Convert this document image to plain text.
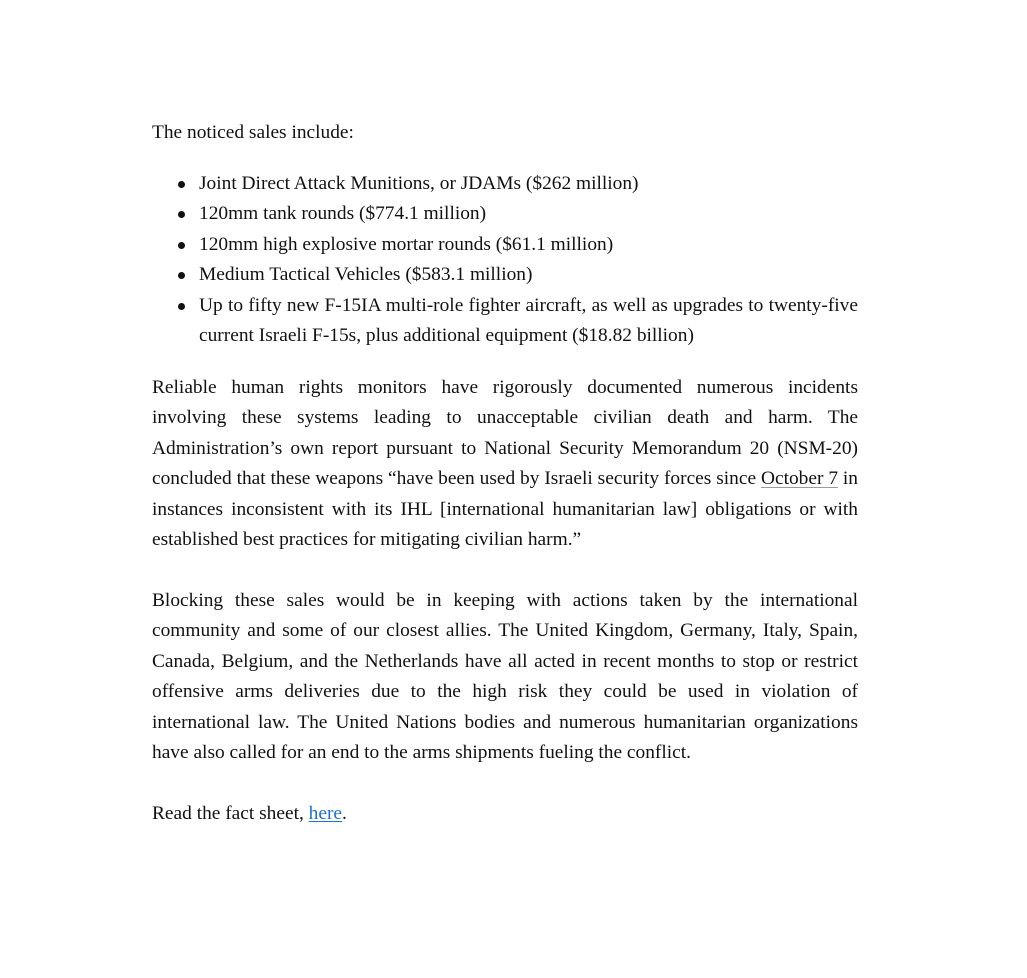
The noticed sales include:

Joint Direct Attack Munitions, or JDAMs ($262 million)
120mm tank rounds ($774.1 million)
120mm high explosive mortar rounds ($61.1 million)
Medium Tactical Vehicles ($583.1 million)
Up to fifty new F-15IA multi-role fighter aircraft, as well as upgrades to twenty-five current Israeli F-15s, plus additional equipment ($18.82 billion)

Reliable human rights monitors have rigorously documented numerous incidents involving these systems leading to unacceptable civilian death and harm. The Administration’s own report pursuant to National Security Memorandum 20 (NSM-20) concluded that these weapons “have been used by Israeli security forces since October 7 in instances inconsistent with its IHL [international humanitarian law] obligations or with established best practices for mitigating civilian harm.”

Blocking these sales would be in keeping with actions taken by the international community and some of our closest allies. The United Kingdom, Germany, Italy, Spain, Canada, Belgium, and the Netherlands have all acted in recent months to stop or restrict offensive arms deliveries due to the high risk they could be used in violation of international law. The United Nations bodies and numerous humanitarian organizations have also called for an end to the arms shipments fueling the conflict.

Read the fact sheet, here.
